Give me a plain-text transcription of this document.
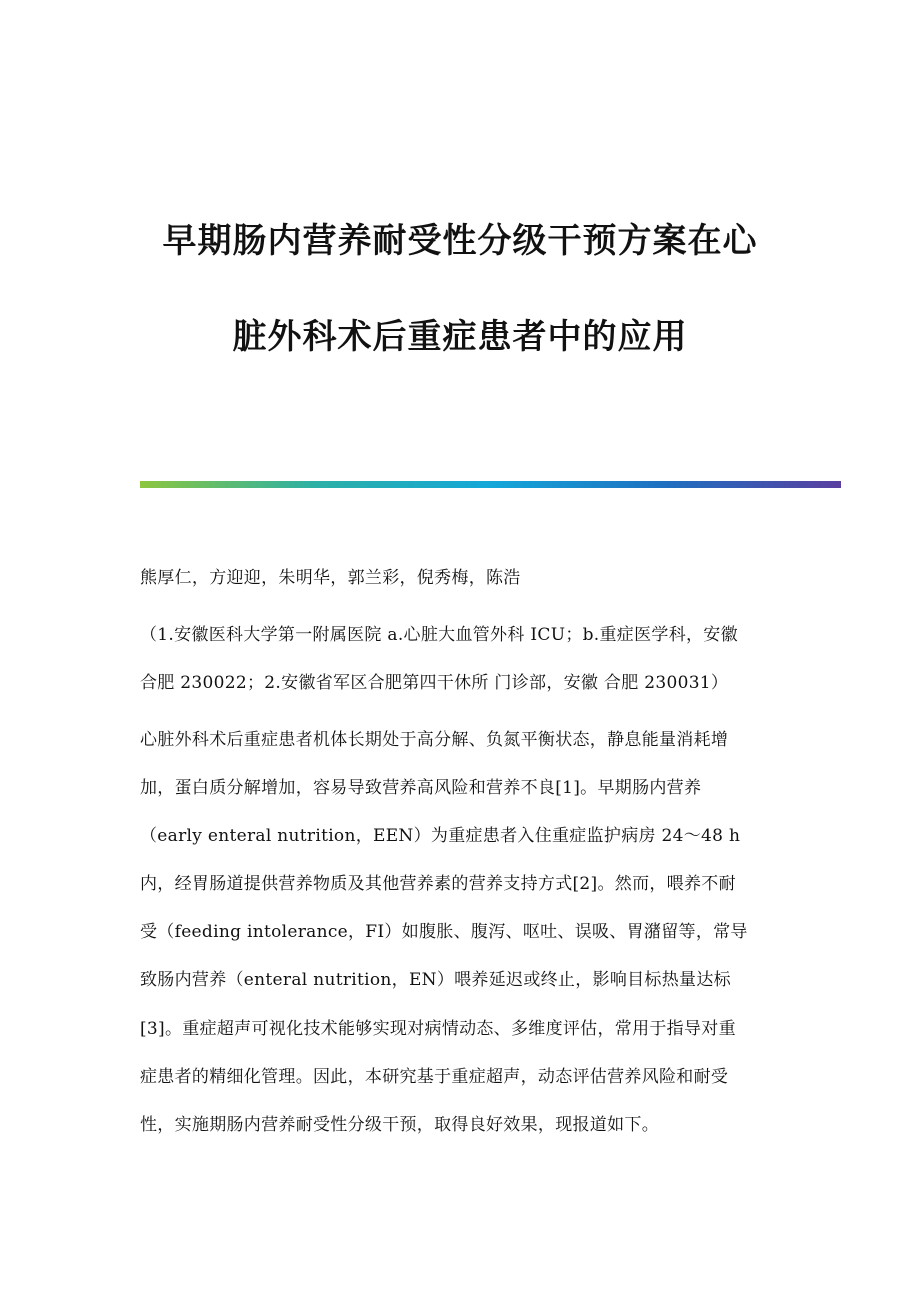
早期肠内营养耐受性分级干预方案在心
脏外科术后重症患者中的应用
熊厚仁，方迎迎，朱明华，郭兰彩，倪秀梅，陈浩
（1.安徽医科大学第一附属医院 a.心脏大血管外科 ICU；b.重症医学科，安徽
合肥 230022；2.安徽省军区合肥第四干休所 门诊部，安徽 合肥 230031）
心脏外科术后重症患者机体长期处于高分解、负氮平衡状态，静息能量消耗增
加，蛋白质分解增加，容易导致营养高风险和营养不良[1]。早期肠内营养
（early enteral nutrition，EEN）为重症患者入住重症监护病房 24～48 h
内，经胃肠道提供营养物质及其他营养素的营养支持方式[2]。然而，喂养不耐
受（feeding intolerance，FI）如腹胀、腹泻、呕吐、误吸、胃潴留等，常导
致肠内营养（enteral nutrition，EN）喂养延迟或终止，影响目标热量达标
[3]。重症超声可视化技术能够实现对病情动态、多维度评估，常用于指导对重
症患者的精细化管理。因此，本研究基于重症超声，动态评估营养风险和耐受
性，实施期肠内营养耐受性分级干预，取得良好效果，现报道如下。
